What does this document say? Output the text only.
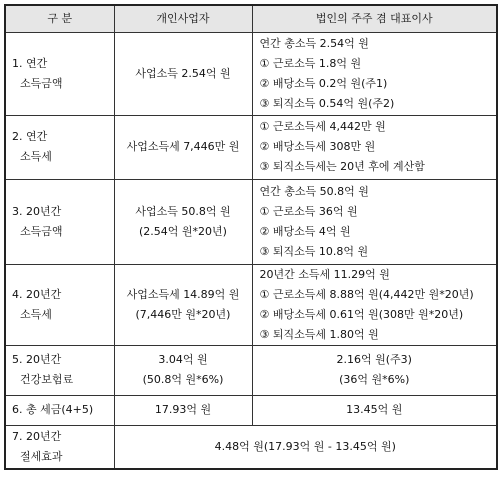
구 분	개인사업자	법인의 주주 겸 대표이사

1. 연간
소득금액	사업소득 2.54억 원	연간 총소득 2.54억 원
① 근로소득 1.8억 원
② 배당소득 0.2억 원(주1)
③ 퇴직소득 0.54억 원(주2)

2. 연간
소득세	사업소득세 7,446만 원	① 근로소득세 4,442만 원
② 배당소득세 308만 원
③ 퇴직소득세는 20년 후에 계산함

3. 20년간
소득금액	사업소득 50.8억 원
(2.54억 원*20년)	연간 총소득 50.8억 원
① 근로소득 36억 원
② 배당소득 4억 원
③ 퇴직소득 10.8억 원

4. 20년간
소득세	사업소득세 14.89억 원
(7,446만 원*20년)	20년간 소득세 11.29억 원
① 근로소득세 8.88억 원(4,442만 원*20년)
② 배당소득세 0.61억 원(308만 원*20년)
③ 퇴직소득세 1.80억 원

5. 20년간
건강보험료	3.04억 원
(50.8억 원*6%)	2.16억 원(주3)
(36억 원*6%)

6. 총 세금(4+5)	17.93억 원	13.45억 원

7. 20년간
절세효과	4.48억 원(17.93억 원 - 13.45억 원)	
